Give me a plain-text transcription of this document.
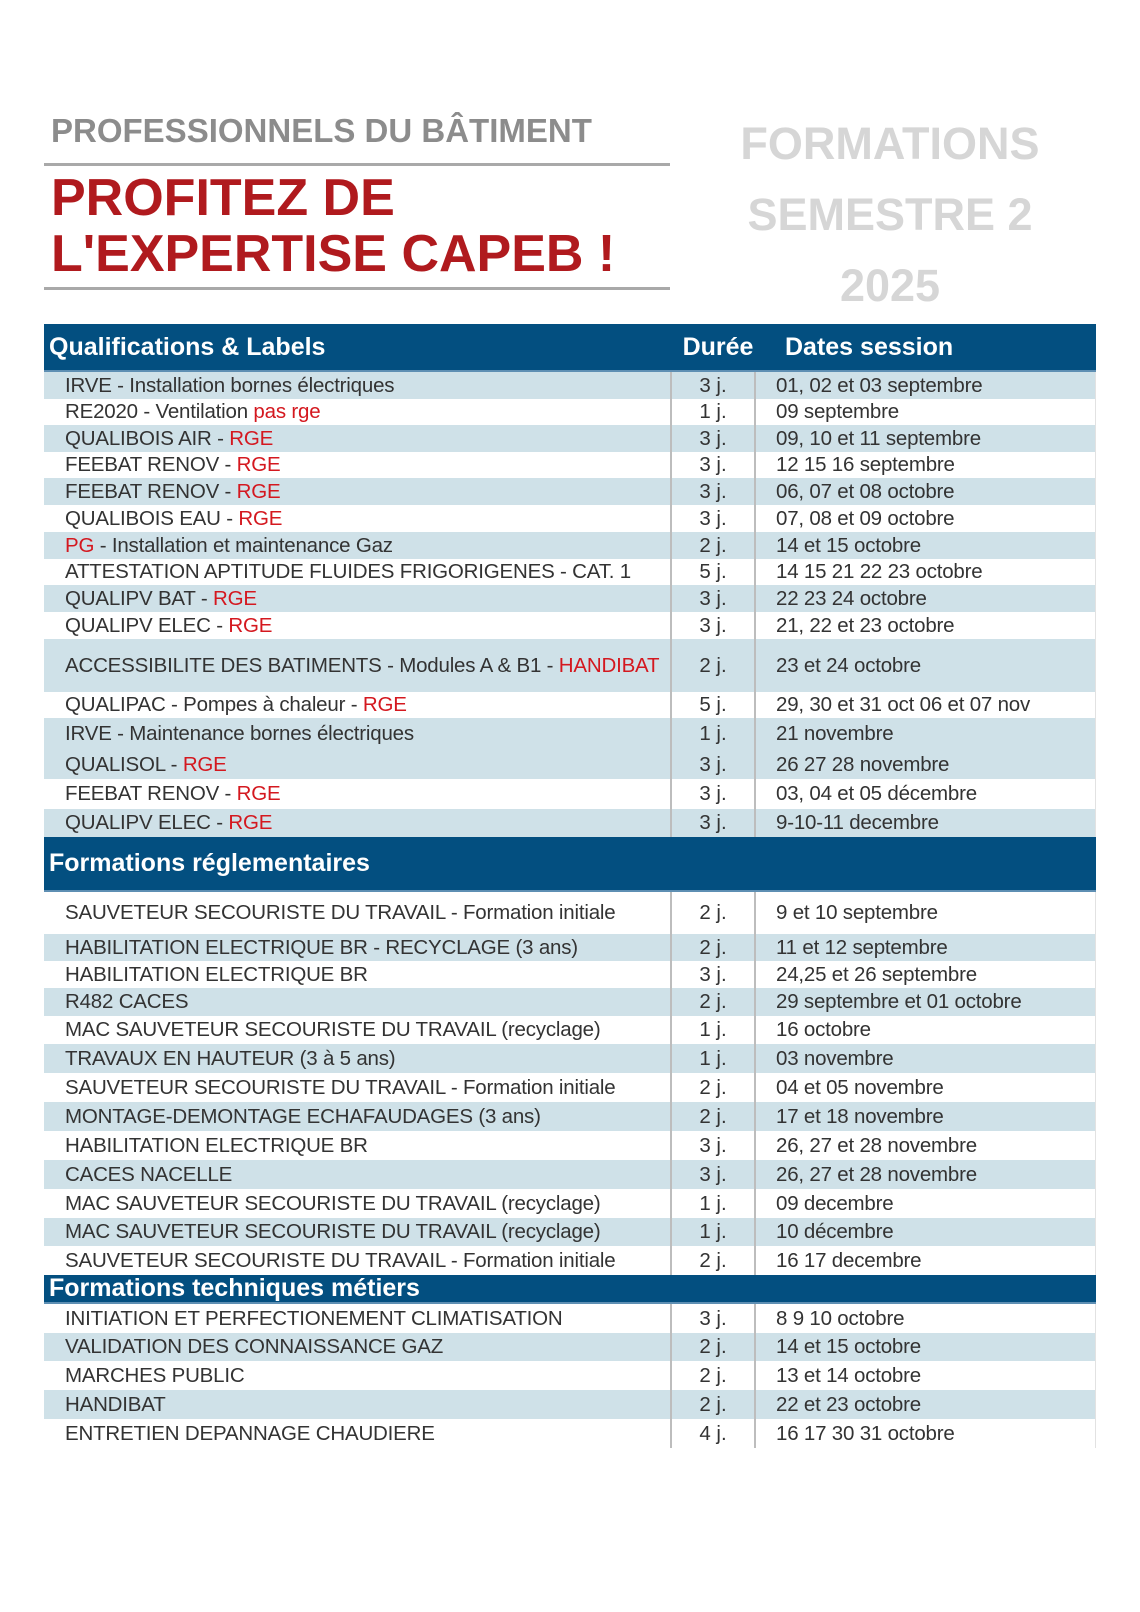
PROFESSIONNELS DU BÂTIMENT
PROFITEZ DE
L'EXPERTISE CAPEB !
FORMATIONS
SEMESTRE 2
2025
Qualifications & Labels	Durée	Dates session
IRVE - Installation bornes électriques	3 j.	01, 02 et 03 septembre
RE2020 - Ventilation pas rge	1 j.	09 septembre
QUALIBOIS AIR - RGE	3 j.	09, 10 et 11 septembre
FEEBAT RENOV - RGE	3 j.	12 15 16 septembre
FEEBAT RENOV - RGE	3 j.	06, 07 et 08 octobre
QUALIBOIS EAU - RGE	3 j.	07, 08 et 09 octobre
PG - Installation et maintenance Gaz	2 j.	14 et 15 octobre
ATTESTATION APTITUDE FLUIDES FRIGORIGENES - CAT. 1	5 j.	14 15 21 22 23 octobre
QUALIPV BAT - RGE	3 j.	22 23 24 octobre
QUALIPV ELEC - RGE	3 j.	21, 22 et 23 octobre
ACCESSIBILITE DES BATIMENTS - Modules A & B1 - HANDIBAT	2 j.	23 et 24 octobre
QUALIPAC - Pompes à chaleur - RGE	5 j.	29, 30 et 31 oct 06 et 07 nov
IRVE - Maintenance bornes électriques	1 j.	21 novembre
QUALISOL - RGE	3 j.	26 27 28 novembre
FEEBAT RENOV - RGE	3 j.	03, 04 et 05 décembre
QUALIPV ELEC - RGE	3 j.	9-10-11 decembre
Formations réglementaires
SAUVETEUR SECOURISTE DU TRAVAIL - Formation initiale	2 j.	9 et 10 septembre
HABILITATION ELECTRIQUE BR - RECYCLAGE (3 ans)	2 j.	11 et 12 septembre
HABILITATION ELECTRIQUE BR	3 j.	24,25 et 26 septembre
R482 CACES	2 j.	29 septembre et 01 octobre
MAC SAUVETEUR SECOURISTE DU TRAVAIL (recyclage)	1 j.	16 octobre
TRAVAUX EN HAUTEUR (3 à 5 ans)	1 j.	03 novembre
SAUVETEUR SECOURISTE DU TRAVAIL - Formation initiale	2 j.	04 et 05 novembre
MONTAGE-DEMONTAGE ECHAFAUDAGES (3 ans)	2 j.	17 et 18 novembre
HABILITATION ELECTRIQUE BR	3 j.	26, 27 et 28 novembre
CACES NACELLE	3 j.	26, 27 et 28 novembre
MAC SAUVETEUR SECOURISTE DU TRAVAIL (recyclage)	1 j.	09 decembre
MAC SAUVETEUR SECOURISTE DU TRAVAIL (recyclage)	1 j.	10 décembre
SAUVETEUR SECOURISTE DU TRAVAIL - Formation initiale	2 j.	16 17 decembre
Formations techniques métiers
INITIATION ET PERFECTIONEMENT CLIMATISATION	3 j.	8 9 10 octobre
VALIDATION DES CONNAISSANCE GAZ	2 j.	14 et 15 octobre
MARCHES PUBLIC	2 j.	13 et 14 octobre
HANDIBAT	2 j.	22 et 23 octobre
ENTRETIEN DEPANNAGE CHAUDIERE	4 j.	16 17 30 31 octobre
